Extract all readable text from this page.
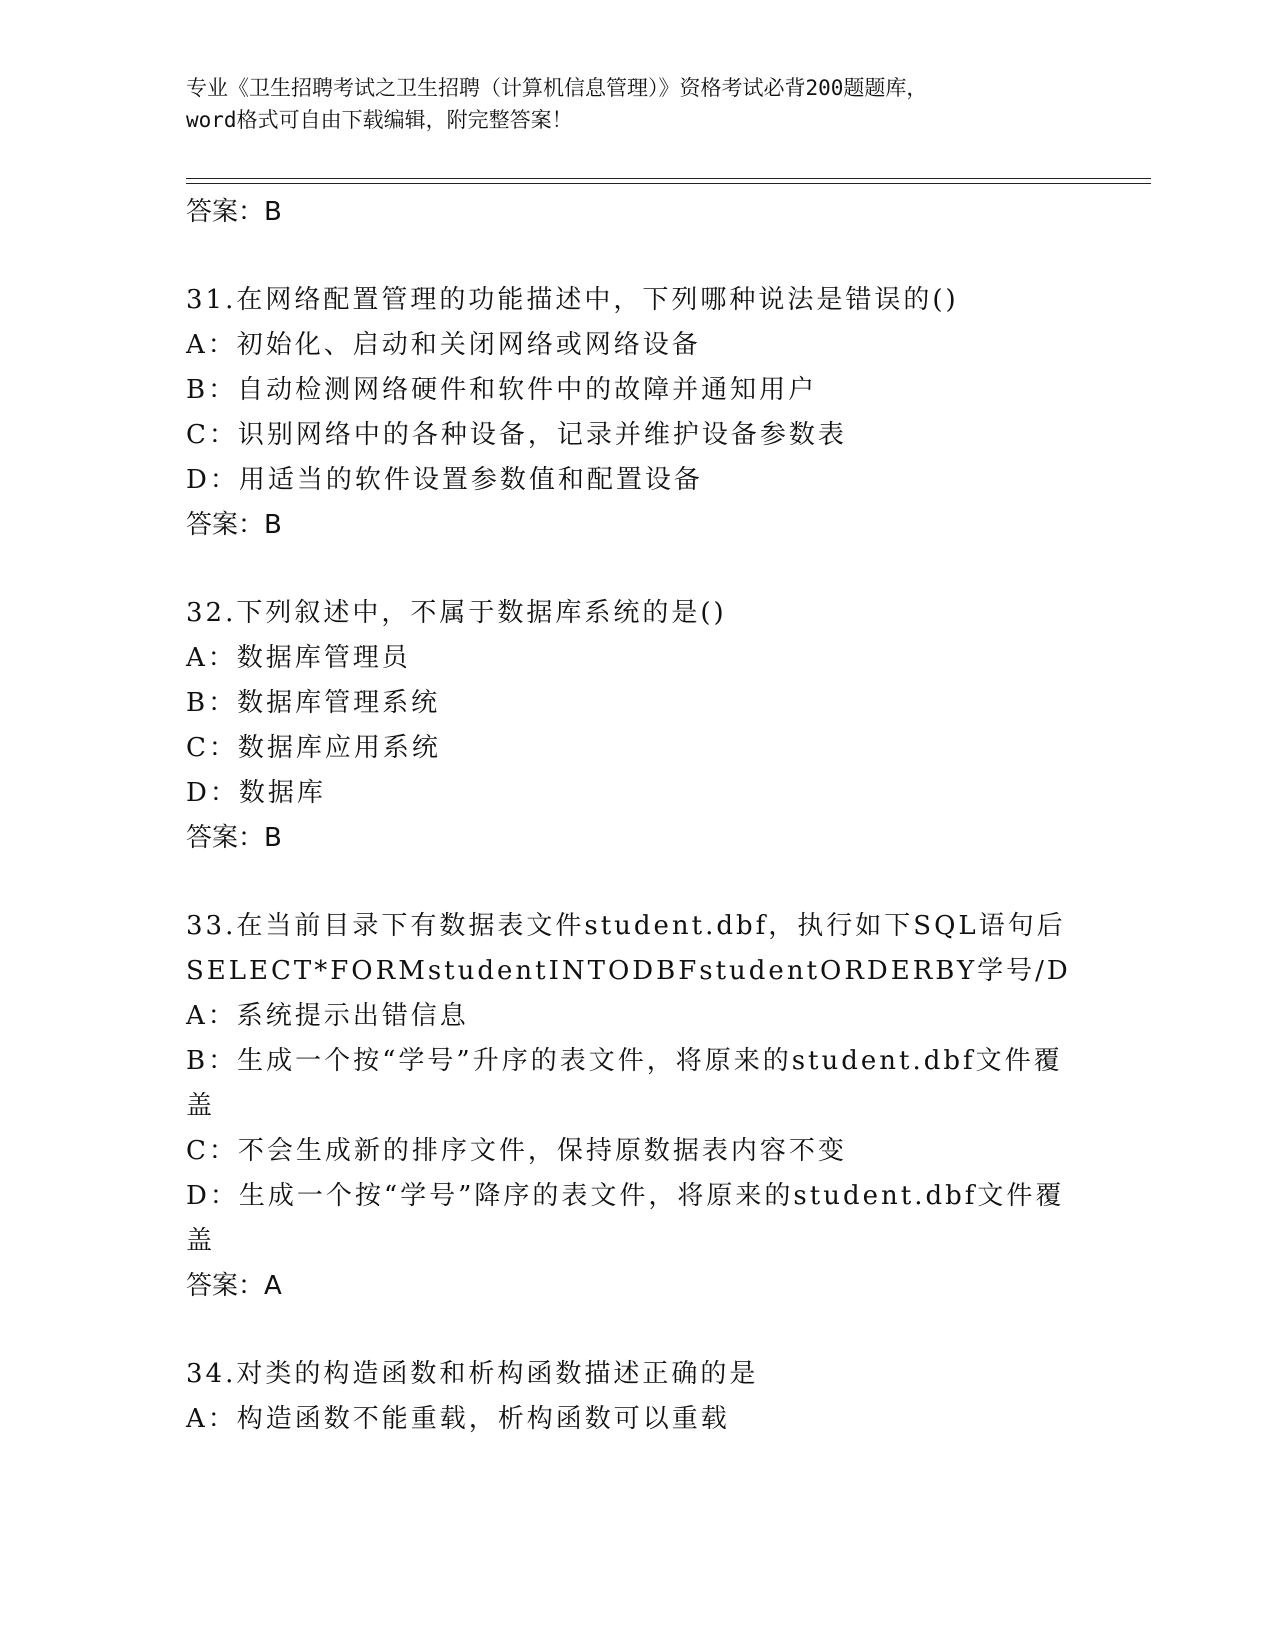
专业《卫生招聘考试之卫生招聘（计算机信息管理）》资格考试必背200题题库，
word格式可自由下载编辑，附完整答案！
答案：B
31.在网络配置管理的功能描述中，下列哪种说法是错误的()
A：初始化、启动和关闭网络或网络设备
B：自动检测网络硬件和软件中的故障并通知用户
C：识别网络中的各种设备，记录并维护设备参数表
D：用适当的软件设置参数值和配置设备
答案：B
32.下列叙述中，不属于数据库系统的是()
A：数据库管理员
B：数据库管理系统
C：数据库应用系统
D：数据库
答案：B
33.在当前目录下有数据表文件student.dbf，执行如下SQL语句后
SELECT*FORMstudentINTODBFstudentORDERBY学号/D
A：系统提示出错信息
B：生成一个按“学号”升序的表文件，将原来的student.dbf文件覆
盖
C：不会生成新的排序文件，保持原数据表内容不变
D：生成一个按“学号”降序的表文件，将原来的student.dbf文件覆
盖
答案：A
34.对类的构造函数和析构函数描述正确的是
A：构造函数不能重载，析构函数可以重载
